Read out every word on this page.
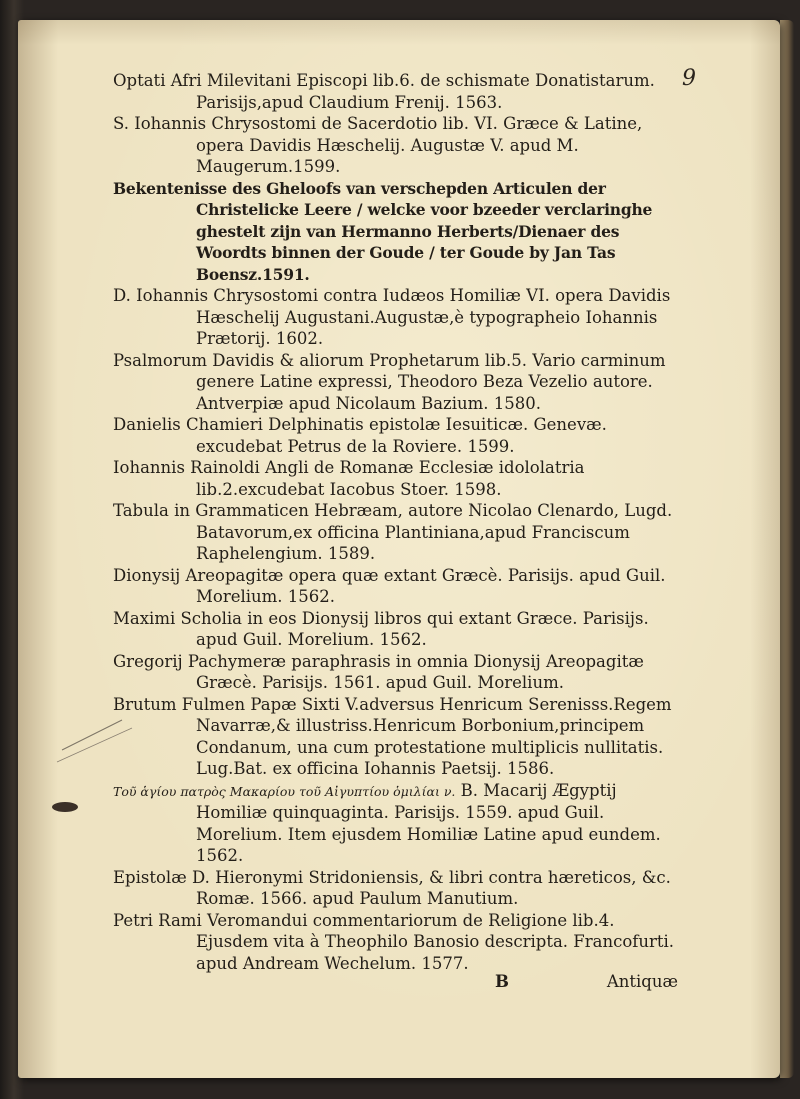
9

Optati Afri Milevitani Episcopi lib.6. de schismate Donatistarum. Parisijs,apud Claudium Frenij. 1563.

S. Iohannis Chrysostomi de Sacerdotio lib. VI. Græce & Latine, opera Davidis Hæschelij. Augustæ V. apud M. Maugerum.1599.

Bekentenisse des Gheloofs van verschepden Articulen der Christelicke Leere / welcke voor bzeeder verclaringhe ghestelt zijn van Hermanno Herberts/Dienaer des Woordts binnen der Goude / ter Goude by Jan Tas Boensz.1591.

D. Iohannis Chrysostomi contra Iudæos Homiliæ VI. opera Davidis Hæschelij Augustani.Augustæ,è typographeio Iohannis Prætorij. 1602.

Psalmorum Davidis & aliorum Prophetarum lib.5. Vario carminum genere Latine expressi, Theodoro Beza Vezelio autore. Antverpiæ apud Nicolaum Bazium. 1580.

Danielis Chamieri Delphinatis epistolæ Iesuiticæ. Genevæ. excudebat Petrus de la Roviere. 1599.

Iohannis Rainoldi Angli de Romanæ Ecclesiæ idololatria lib.2.excudebat Iacobus Stoer. 1598.

Tabula in Grammaticen Hebræam, autore Nicolao Clenardo, Lugd. Batavorum,ex officina Plantiniana,apud Franciscum Raphelengium. 1589.

Dionysij Areopagitæ opera quæ extant Græcè. Parisijs. apud Guil. Morelium. 1562.

Maximi Scholia in eos Dionysij libros qui extant Græce. Parisijs. apud Guil. Morelium. 1562.

Gregorij Pachymeræ paraphrasis in omnia Dionysij Areopagitæ Græcè. Parisijs. 1561. apud Guil. Morelium.

Brutum Fulmen Papæ Sixti V.adversus Henricum Serenisss.Regem Navarræ,& illustriss.Henricum Borbonium,principem Condanum, una cum protestatione multiplicis nullitatis. Lug.Bat. ex officina Iohannis Paetsij. 1586.

Τοῦ ἁγίου πατρὸς Μακαρίου τοῦ Αἰγυπτίου ὁμιλίαι ν. B. Macarij Ægyptij Homiliæ quinquaginta. Parisijs. 1559. apud Guil. Morelium. Item ejusdem Homiliæ Latine apud eundem. 1562.

Epistolæ D. Hieronymi Stridoniensis, & libri contra hæreticos, &c. Romæ. 1566. apud Paulum Manutium.

Petri Rami Veromandui commentariorum de Religione lib.4. Ejusdem vita à Theophilo Banosio descripta. Francofurti. apud Andream Wechelum. 1577.

B	Antiquæ
